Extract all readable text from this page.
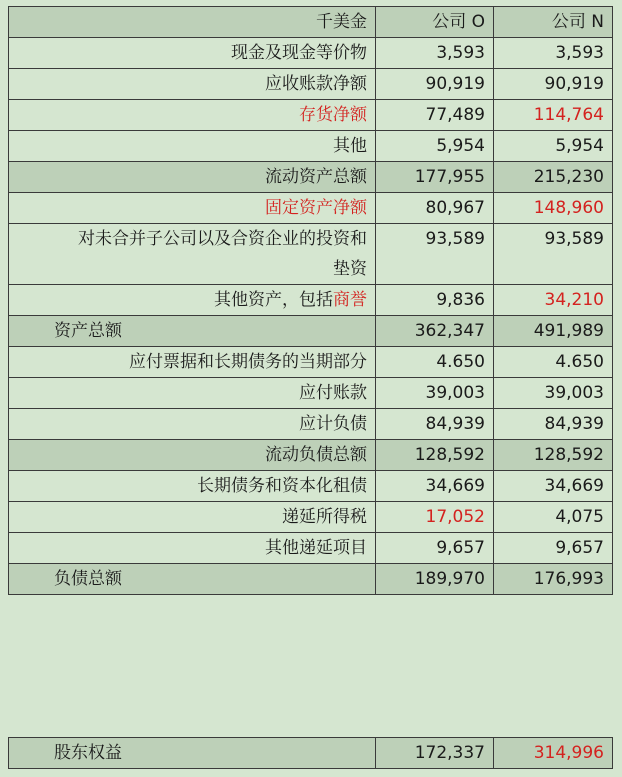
千美金	公司 O	公司 N
现金及现金等价物	3,593	3,593
应收账款净额	90,919	90,919
存货净额	77,489	114,764
其他	5,954	5,954
流动资产总额	177,955	215,230
固定资产净额	80,967	148,960

对未合并子公司以及合资企业的投资和
垫资	93,589	93,589
其他资产，包括商誉	9,836	34,210
资产总额	362,347	491,989
应付票据和长期债务的当期部分	4.650	4.650
应付账款	39,003	39,003
应计负债	84,939	84,939
流动负债总额	128,592	128,592
长期债务和资本化租债	34,669	34,669
递延所得税	17,052	4,075
其他递延项目	9,657	9,657
负债总额	189,970	176,993
股东权益	172,337	314,996
